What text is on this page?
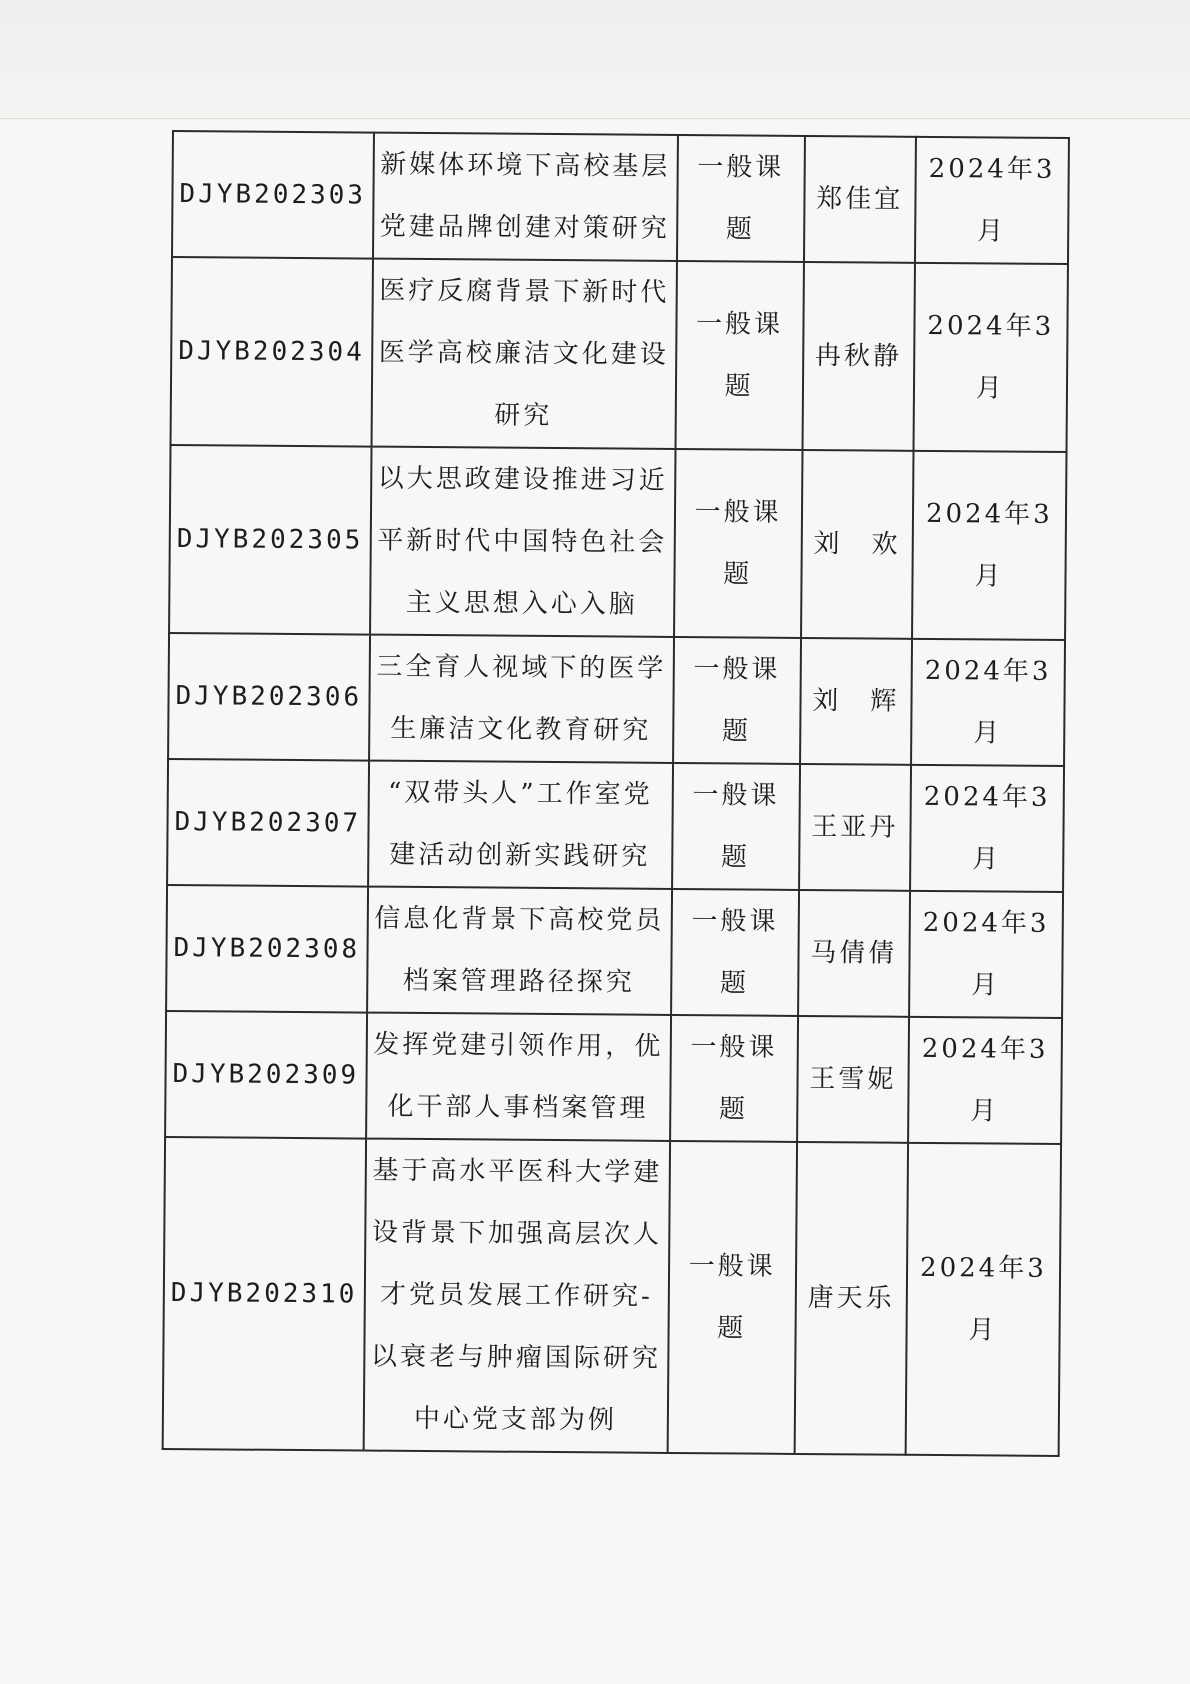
DJYB202303	新媒体环境下高校基层
党建品牌创建对策研究	一般课题	郑佳宜	2024年3月
DJYB202304	医疗反腐背景下新时代
医学高校廉洁文化建设
研究	一般课题	冉秋静	2024年3月
DJYB202305	以大思政建设推进习近
平新时代中国特色社会
主义思想入心入脑	一般课题	刘　欢	2024年3月
DJYB202306	三全育人视域下的医学
生廉洁文化教育研究	一般课题	刘　辉	2024年3月
DJYB202307	“双带头人”工作室党
建活动创新实践研究	一般课题	王亚丹	2024年3月
DJYB202308	信息化背景下高校党员
档案管理路径探究	一般课题	马倩倩	2024年3月
DJYB202309	发挥党建引领作用，优
化干部人事档案管理	一般课题	王雪妮	2024年3月
DJYB202310	基于高水平医科大学建
设背景下加强高层次人
才党员发展工作研究-
以衰老与肿瘤国际研究
中心党支部为例	一般课题	唐天乐	2024年3月
